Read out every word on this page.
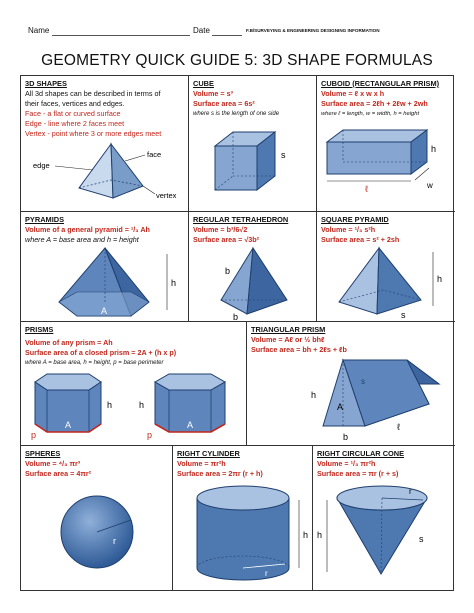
Name	Date	F.B/SURVEYING & ENGINEERING DESIGNING INFORMATION
GEOMETRY QUICK GUIDE 5: 3D SHAPE FORMULAS
3D SHAPES
All 3d shapes can be described in terms of
their faces, vertices and edges.
Face - a flat or curved surface
Edge - line where 2 faces meet
Vertex - point where 3 or more edges meet
face
edge
vertex
CUBE
Volume = s³
Surface area = 6s²
where s is the length of one side
s
CUBOID (RECTANGULAR PRISM)
Volume = ℓ x w x h
Surface area = 2ℓh + 2ℓw + 2wh
where ℓ = length, w = width, h = height
h
ℓ	w
PYRAMIDS
Volume of a general pyramid = ¹/₃ Ah
where A = base area and h = height
h
A
REGULAR TETRAHEDRON
Volume = b³/6√2
Surface area = √3b²
b
b
SQUARE PYRAMID
Volume = ¹/₃ s²h
Surface area = s² + 2sh
h
s
PRISMS
Volume of any prism = Ah
Surface area of a closed prism = 2A + (h x p)
where A = base area, h = height, p = base perimeter
A
h
p
A
h
p
TRIANGULAR PRISM
Volume = Aℓ or ½ bhℓ
Surface area = bh + 2ℓs + ℓb
h
A
ℓ
b
s
SPHERES
Volume = ⁴/₃ πr³
Surface area = 4πr²
r
RIGHT CYLINDER
Volume = πr²h
Surface area = 2πr (r + h)
r
h
RIGHT CIRCULAR CONE
Volume = ¹/₃ πr²h
Surface area = πr (r + s)
r
h	s
